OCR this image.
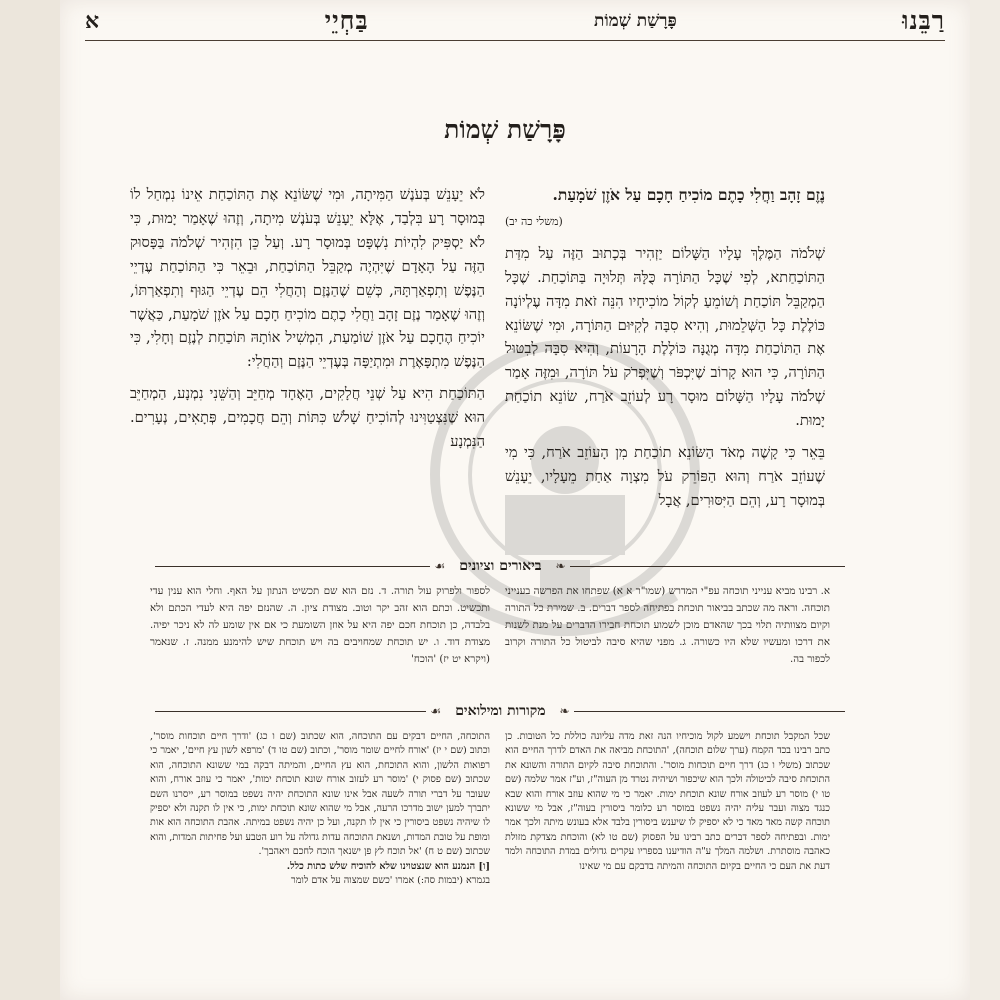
רַבֵּנוּ
פָּרָשַׁת שְׁמוֹת
בַּחְיֵי
א
פָּרָשַׁת שְׁמוֹת

נֶזֶם זָהָב וַחֲלִי כָתֶם מוֹכִיחַ חָכָם עַל אֹזֶן שֹׁמָעַת.
(משלי כה יב)

שְׁלֹמֹה הַמֶּלֶךְ עָלָיו הַשָּׁלוֹם יַזְהִיר בְּכָתוּב הַזֶּה עַל מִדַּת הַתּוֹכַחַתא, לְפִי שֶׁכָּל הַתּוֹרָה כֻּלָּהּ תְּלוּיָה בַּתּוֹכַחַת. שֶׁכָּל הַמְקַבֵּל תּוֹכַחַת וְשׁוֹמֵעַ לְקוֹל מוֹכִיחָיו הִנֵּה זֹאת מִדָּה עֶלְיוֹנָה כּוֹלֶלֶת כָּל הַשְּׁלֵמוּת, וְהִיא סִבָּה לְקִיּוּם הַתּוֹרָה, וּמִי שֶׁשּׂוֹנֵא אֶת הַתּוֹכַחַת מִדָּה מְגֻנָּה כּוֹלֶלֶת הָרָעוֹת, וְהִיא סִבָּה לְבִטּוּל הַתּוֹרָה, כִּי הוּא קָרוֹב שֶׁיִּכְפֹּר וְשֶׁיִּפְרֹק עֹל תּוֹרָה, וּמִזֶּה אָמַר שְׁלֹמֹה עָלָיו הַשָּׁלוֹם מוּסָר רָע לְעוֹזֵב אֹרַח, שׂוֹנֵא תוֹכַחַת יָמוּת.

בֵּאֵר כִּי קָשֶׁה מְאֹד הַשּׂוֹנֵא תוֹכַחַת מִן הָעוֹזֵב אֹרַח, כִּי מִי שֶׁעוֹזֵב אֹרַח וְהוּא הַפּוֹרֵק עֹל מִצְוָה אַחַת מֵעָלָיו, יֵעָנֵשׁ בְּמוּסָר רָע, וְהֵם הַיִּסּוּרִים, אֲבָל

לֹא יֵעָנֵשׁ בְּעֹנֶשׁ הַמִּיתָה, וּמִי שֶׁשּׂוֹנֵא אֶת הַתּוֹכַחַת אֵינוֹ נִמְחַל לוֹ בְּמוּסָר רָע בִּלְבַד, אֶלָּא יֵעָנֵשׁ בְּעֹנֶשׁ מִיתָה, וְזֶהוּ שֶׁאָמַר יָמוּת, כִּי לֹא יַסְפִּיק לִהְיוֹת נִשְׁפָּט בְּמוּסָר רָע. וְעַל כֵּן הִזְהִיר שְׁלֹמֹה בַּפָּסוּק הַזֶּה עַל הָאָדָם שֶׁיִּהְיֶה מְקַבֵּל הַתּוֹכַחַת, וּבֵאֵר כִּי הַתּוֹכַחַת עֶדְיֵי הַנֶּפֶשׁ וְתִפְאַרְתָּהּ, כְּשֵׁם שֶׁהַנֶּזֶם וְהַחֲלִי הֵם עֶדְיֵי הַגּוּף וְתִפְאַרְתּוֹ, וְזֶהוּ שֶׁאָמַר נֶזֶם זָהָב וַחֲלִי כָתֶם מוֹכִיחַ חָכָם עַל אֹזֶן שֹׁמָעַת, כַּאֲשֶׁר יוֹכִיחַ הֶחָכָם עַל אֹזֶן שׁוֹמַעַת, הִמְשִׁיל אוֹתָהּ תּוֹכַחַת לְנֶזֶם וְחָלִי, כִּי הַנֶּפֶשׁ מִתְפָּאֶרֶת וּמִתְיַפָּה בְּעֶדְיֵי הַנֶּזֶם וְהַחֲלִי:

הַתּוֹכַחַת הִיא עַל שְׁנֵי חֲלָקִים, הָאֶחָד מְחַיֵּב וְהַשֵּׁנִי נִמְנָע, הַמְחַיֵּב הוּא שֶׁנִּצְטַוִּינוּ לְהוֹכִיחַ שָׁלֹשׁ כִּתּוֹת וְהֵם חֲכָמִים, פְּתָאִים, נְעָרִים. הַנִּמְנָע

❧
ביאורים וציונים
☙

א. רבינו מביא ענייני תוכחה עפ"י המדרש (שמו"ר א א) שפתחו את הפרשה בענייני תוכחה. וראה מה שכתב בביאור תוכחת בפתיחה לספר דברים. ב. שמירת כל התורה וקיום מצוותיה תלוי בכך שהאדם מוכן לשמוע תוכחת חבירו הדברים על מנת לשנות את דרכו ומעשיו שלא היו כשורה. ג. מפני שהיא סיבה לביטול כל התורה וקרוב לכפור בה.

לספור ולפרוק עול תורה. ד. נזם הוא שם תכשיט הנתון על האף. וחלי הוא ענין עדי ותכשיט. וכתם הוא זהב יקר וטוב. מצודת ציון. ה. שהנזם יפה היא לעדי הכתם ולא בלבדה, כן תוכחת חכם יפה היא על אוזן השומעת כי אם אין שומע לה לא ניכר יפיה. מצודת דוד. ו. יש תוכחת שמחויבים בה ויש תוכחת שיש להימנע ממנה. ז. שנאמר (ויקרא יט יז) 'הוכח'

❧
מקורות ומילואים
☙

שכל המקבל תוכחת וישמע לקול מוכיחיו הנה זאת מדה עליונה כוללת כל הטובות. כן כתב רבינו בכד הקמח (ערך שלום תוכחה), 'התוכחת מביאה את האדם לדרך החיים הוא שכתוב (משלי ו כג) דרך חיים תוכחות מוסר'. והתוכחת סיבה לקיום התורה והשונא את התוכחת סיבה לביטולה ולכך הוא שיכפור ושיהיה נטרד מן העוה"ז, וע"ז אמר שלמה (שם טו י) מוסר רע לעוזב אורח שונא תוכחת ימות. יאמר כי מי שהוא עוזב אורח והוא שבא כנגד מצוה ועבר עליה יהיה נשפט במוסר רע כלומר ביסורין בעוה"ז, אבל מי ששונא תוכחה קשה מאד מאד כי לא יספיק לו שיענש ביסורין בלבד אלא בעונש מיתה ולכך אמר ימות. ובפתיחה לספר דברים כתב רבינו על הפסוק (שם טו לא) והוכחת מצדקת מזולת כאהבה מוסתרת. ושלמה המלך ע"ה הודיענו בספריו עקרים גדולים במדת התוכחה ולמד דעת את העם כי החיים בקיום התוכחה והמיתה בדבקם עם מי שאינו

התוכחה, החיים דבקים עם התוכחה, הוא שכתוב (שם ו כג) 'ודרך חיים תוכחות מוסר', וכתוב (שם י יז) 'אורח לחיים שומר מוסר', וכתוב (שם טו ד) 'מרפא לשון עץ חיים', יאמר כי רפואות הלשון, והוא התוכחת, הוא עץ החיים, והמיתה דבקה במי ששונא התוכחה, הוא שכתוב (שם פסוק י) 'מוסר רע לעזוב אורח שונא תוכחת ימות', יאמר כי עוזב אורח, והוא שעובר על דברי תורה לשעה אבל אינו שונא התוכחת יהיה נשפט במוסר רע, ייסרנו השם יתברך למען ישוב מדרכו הרעה, אבל מי שהוא שונא תוכחת ימות, כי אין לו תקנה ולא יספיק לו שיהיה נשפט ביסורין כי אין לו תקנה, ועל כן יהיה נשפט במיתה. אהבת התוכחה הוא אות ומופת על טובת המדות, ושנאת התוכחה עדות גדולה על רוע הטבע ועל פחיתות המדות, והוא שכתוב (שם ט ח) 'אל תוכח לץ פן ישנאך הוכח לחכם ויאהבך'.

[ו] הנמנע הוא שנצטוינו שלא להוכיח שלש כתות כלל.

בגמרא (יבמות סה:) אמרו 'כשם שמצוה על אדם לומר
